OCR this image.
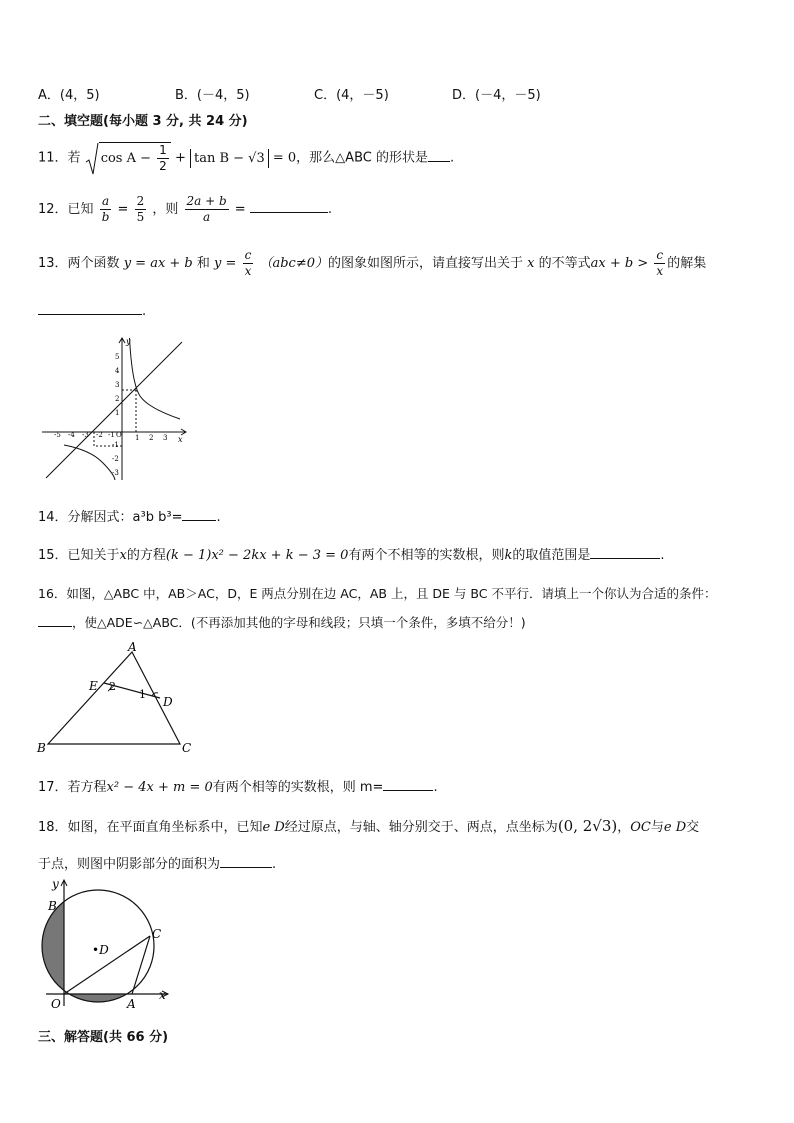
A．(4，5)	B．(－4，5)	C．(4，－5)	D．(－4，－5)
二、填空题(每小题 3 分, 共 24 分)
11．若 $\cos A - \frac{1}{2} + \tan B - √3 = 0$，那么△ABC 的形状是 .
12．已知 $\frac{a}{b} = \frac{2}{5}$ ，则 $\frac{2a + b}{a}$ =	.
13．两个函数 y = ax + b 和 $y = \frac{c}{x} (abc\ne 0)$的图象如图所示，请直接写出关于 x 的不等式ax + $b > \frac{c}{x}$ 的解集
.
x
y
-5 -4 -3 -2 -1 O 1 2 3
5
4
3
2
1
-1
-2
-3
14．分解因式：a³b b³=	.
15．已知关于x的方程(k − 1)x² − 2kx + k − 3 = 0有两个不相等的实数根，则k的取值范围是	.
16．如图，△ABC 中，AB＞AC，D，E 两点分别在边 AC，AB 上，且 DE 与 BC 不平行．请填上一个你认为合适的条件：
，使△ADE∽△ABC．(不再添加其他的字母和线段；只填一个条件，多填不给分！)
A
B	C
D
E 2
1
17．若方程x² − 4x + m = 0有两个相等的实数根，则 m=	.
18．如图，在平面直角坐标系中，已知e D经过原点，与轴、轴分别交于、两点，点坐标为(0, 2√3)，OC与e D交
于点，则图中阴影部分的面积为	.
B
C
•D
O	A
x
y
三、解答题(共 66 分)
